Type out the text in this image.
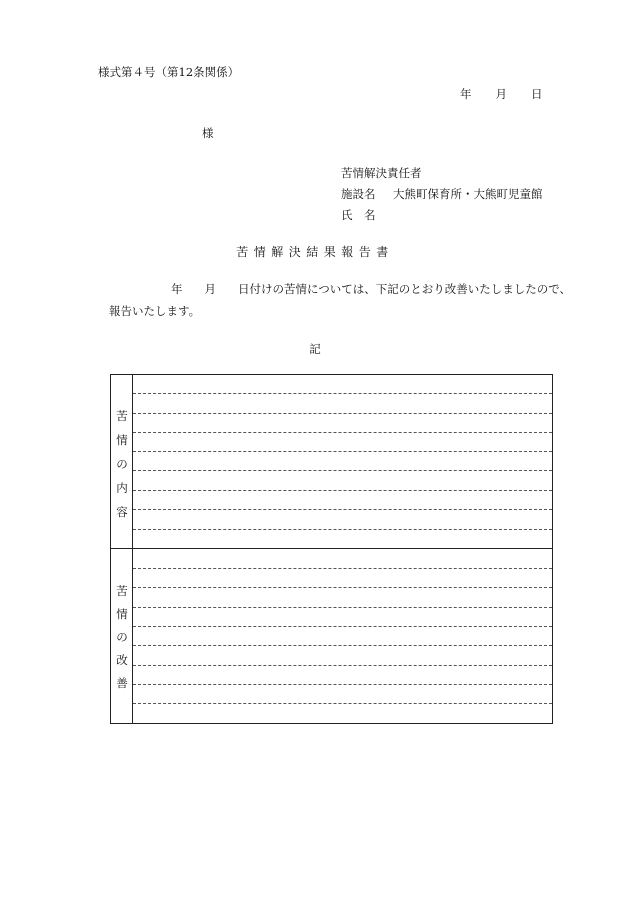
様式第４号（第12条関係）
年 月 日
様
苦情解決責任者
施設名 大熊町保育所・大熊町児童館
氏　名
苦情解決結果報告書
年 月 日付けの苦情については、下記のとおり改善いたしましたので、
報告いたします。
記
苦
情
の
内
容
苦
情
の
改
善
